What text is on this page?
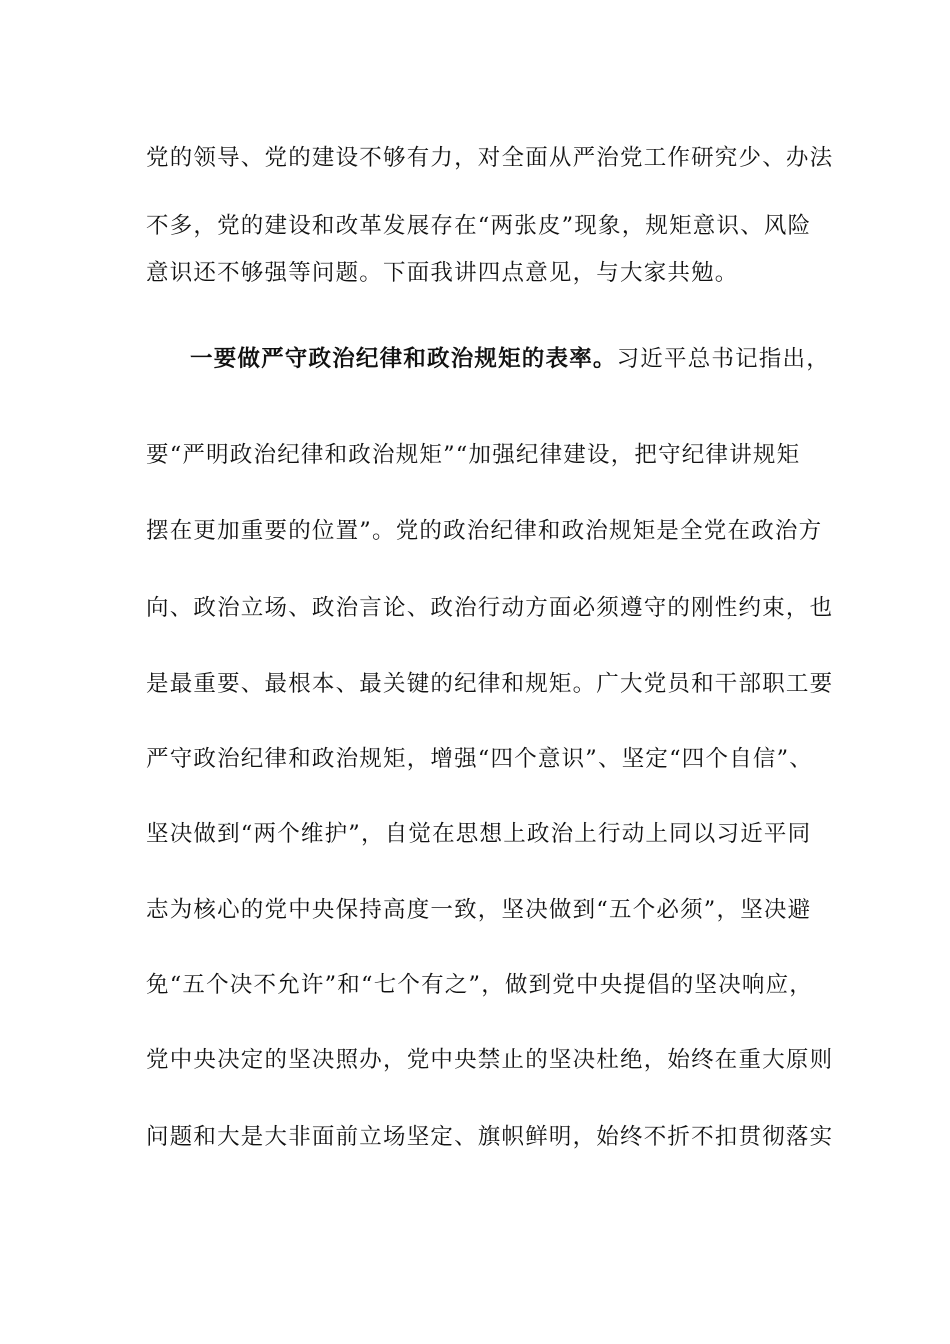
党的领导、党的建设不够有力，对全面从严治党工作研究少、办法
不多，党的建设和改革发展存在“两张皮”现象，规矩意识、风险
意识还不够强等问题。下面我讲四点意见，与大家共勉。
一要做严守政治纪律和政治规矩的表率。习近平总书记指出，
要“严明政治纪律和政治规矩”“加强纪律建设，把守纪律讲规矩
摆在更加重要的位置”。党的政治纪律和政治规矩是全党在政治方
向、政治立场、政治言论、政治行动方面必须遵守的刚性约束，也
是最重要、最根本、最关键的纪律和规矩。广大党员和干部职工要
严守政治纪律和政治规矩，增强“四个意识”、坚定“四个自信”、
坚决做到“两个维护”，自觉在思想上政治上行动上同以习近平同
志为核心的党中央保持高度一致，坚决做到“五个必须”，坚决避
免“五个决不允许”和“七个有之”，做到党中央提倡的坚决响应，
党中央决定的坚决照办，党中央禁止的坚决杜绝，始终在重大原则
问题和大是大非面前立场坚定、旗帜鲜明，始终不折不扣贯彻落实
